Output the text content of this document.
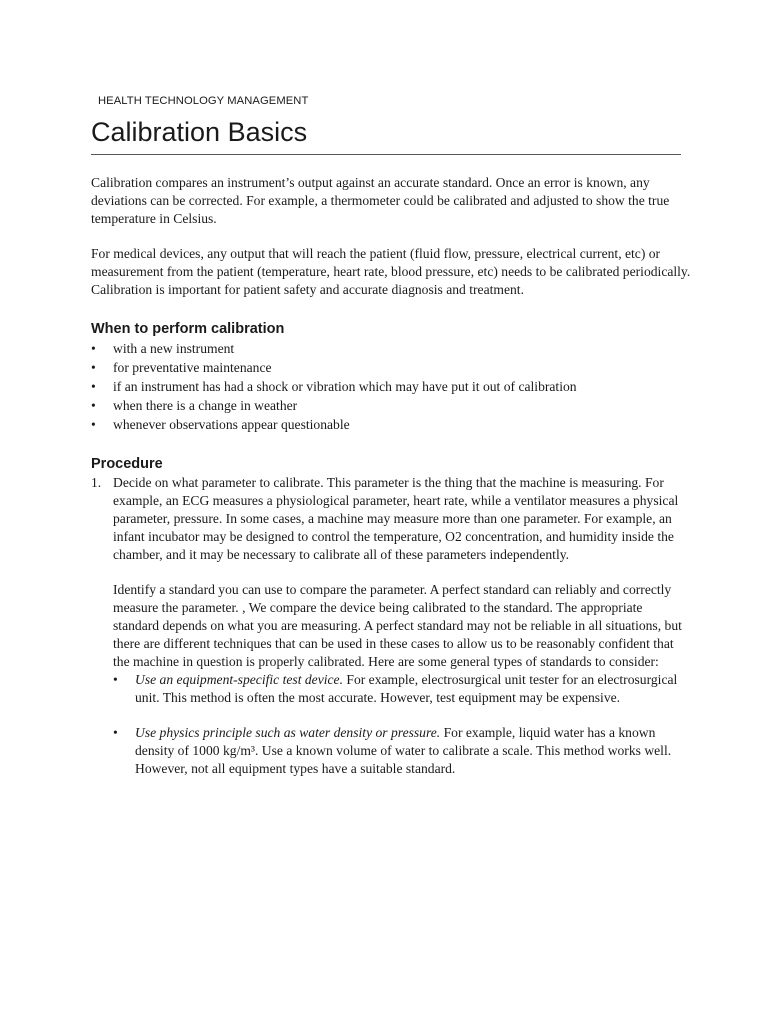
HEALTH TECHNOLOGY MANAGEMENT
Calibration Basics

Calibration compares an instrument’s output against an accurate standard. Once an error is known, any deviations can be corrected. For example, a thermometer could be calibrated and adjusted to show the true temperature in Celsius.

For medical devices, any output that will reach the patient (fluid flow, pressure, electrical current, etc) or measurement from the patient (temperature, heart rate, blood pressure, etc) needs to be calibrated periodically. Calibration is important for patient safety and accurate diagnosis and treatment.

When to perform calibration
• with a new instrument
• for preventative maintenance
• if an instrument has had a shock or vibration which may have put it out of calibration
• when there is a change in weather
• whenever observations appear questionable
Procedure
1. Decide on what parameter to calibrate. This parameter is the thing that the machine is measuring. For example, an ECG measures a physiological parameter, heart rate, while a ventilator measures a physical parameter, pressure. In some cases, a machine may measure more than one parameter. For example, an infant incubator may be designed to control the temperature, O2 concentration, and humidity inside the chamber, and it may be necessary to calibrate all of these parameters independently.

Identify a standard you can use to compare the parameter. A perfect standard can reliably and correctly measure the parameter. , We compare the device being calibrated to the standard. The appropriate standard depends on what you are measuring. A perfect standard may not be reliable in all situations, but there are different techniques that can be used in these cases to allow us to be reasonably confident that the machine in question is properly calibrated. Here are some general types of standards to consider:

• Use an equipment-specific test device. For example, electrosurgical unit tester for an electrosurgical unit. This method is often the most accurate. However, test equipment may be expensive.
• Use physics principle such as water density or pressure. For example, liquid water has a known density of 1000 kg/m³. Use a known volume of water to calibrate a scale. This method works well. However, not all equipment types have a suitable standard.
